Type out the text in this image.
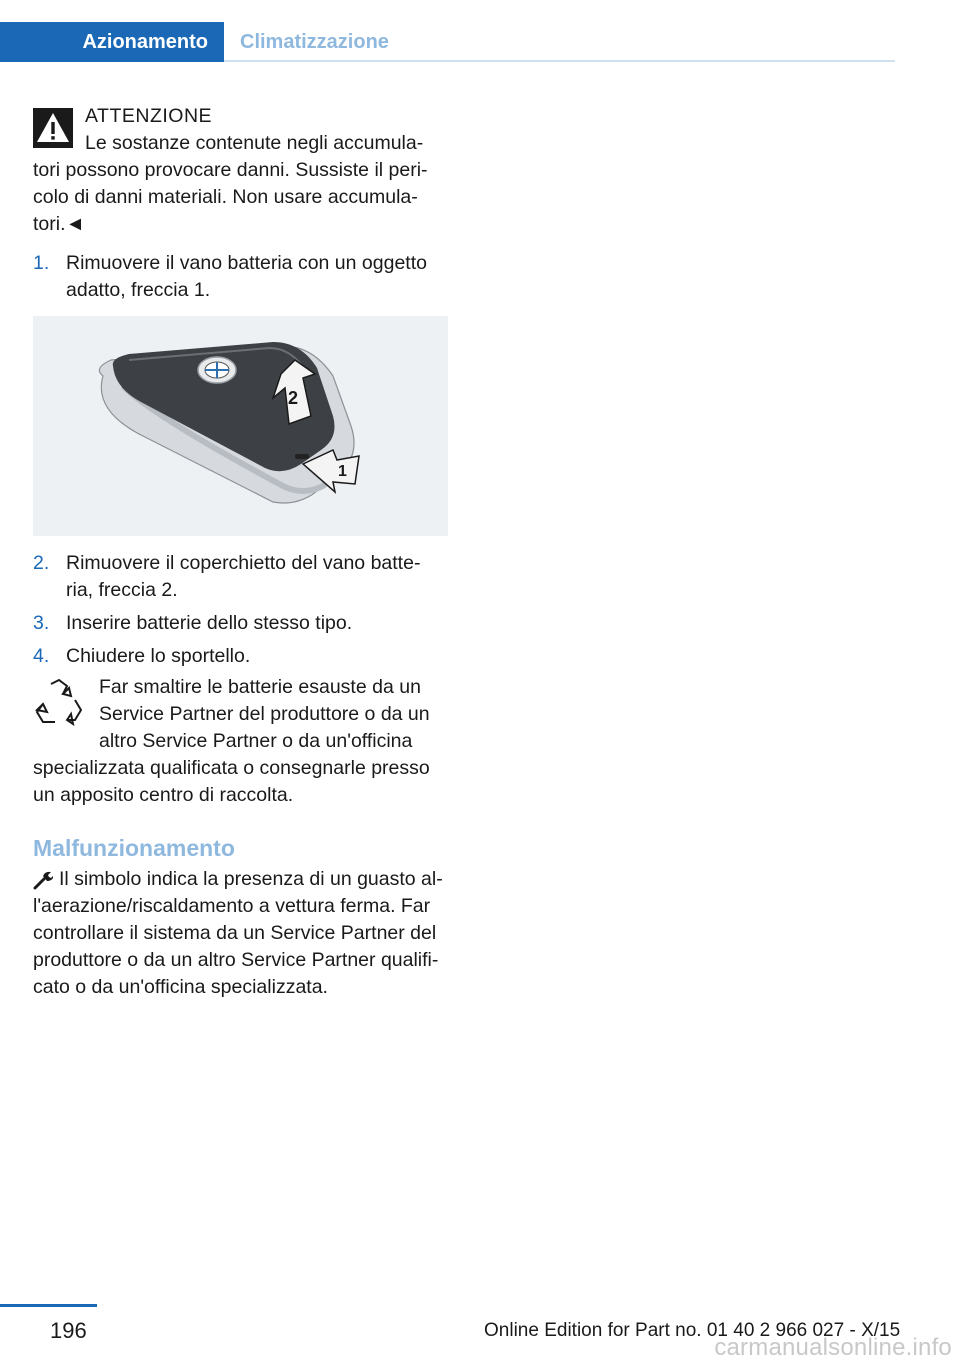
Azionamento	Climatizzazione
ATTENZIONE
Le sostanze contenute negli accumula-
tori possono provocare danni. Sussiste il peri-
colo di danni materiali. Non usare accumula-
tori.◄
1. Rimuovere il vano batteria con un oggetto adatto, freccia 1.
2
1
2. Rimuovere il coperchietto del vano batte-
ria, freccia 2.
3. Inserire batterie dello stesso tipo.
4. Chiudere lo sportello.
Far smaltire le batterie esauste da un
Service Partner del produttore o da un
altro Service Partner o da un'officina
specializzata qualificata o consegnarle presso
un apposito centro di raccolta.
Malfunzionamento
Il simbolo indica la presenza di un guasto al-
l'aerazione/riscaldamento a vettura ferma. Far
controllare il sistema da un Service Partner del
produttore o da un altro Service Partner qualifi-
cato o da un'officina specializzata.
196	Online Edition for Part no. 01 40 2 966 027 - X/15
carmanualsonline.info
